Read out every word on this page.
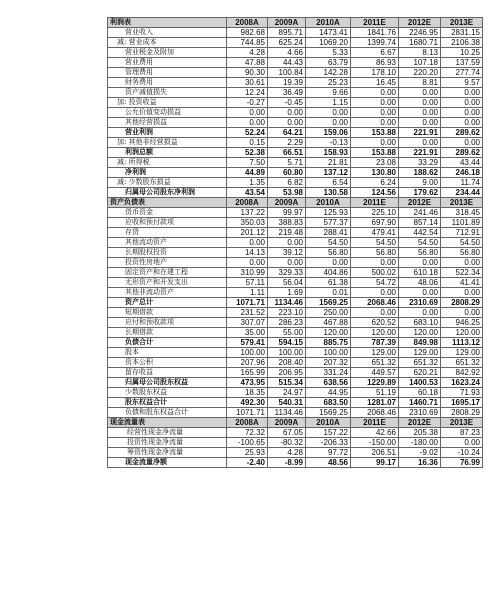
利润表	2008A	2009A	2010A	2011E	2012E	2013E
营业收入	982.68	895.71	1473.41	1841.76	2246.95	2831.15
减: 营业成本	744.85	625.24	1069.20	1399.74	1680.71	2106.38
营业税金及附加	4.28	4.66	5.33	6.67	8.13	10.25
营业费用	47.88	44.43	63.79	86.93	107.18	137.59
管理费用	90.30	100.84	142.28	178.10	220.20	277.74
财务费用	30.61	19.39	25.23	16.45	8.81	9.57
资产减值损失	12.24	36.49	9.66	0.00	0.00	0.00
加: 投资收益	-0.27	-0.45	1.15	0.00	0.00	0.00
公允价值变动损益	0.00	0.00	0.00	0.00	0.00	0.00
其他经营损益	0.00	0.00	0.00	0.00	0.00	0.00
营业利润	52.24	64.21	159.06	153.88	221.91	289.62
加: 其他非经营损益	0.15	2.29	-0.13	0.00	0.00	0.00
利润总额	52.38	66.51	158.93	153.88	221.91	289.62
减: 所得税	7.50	5.71	21.81	23.08	33.29	43.44
净利润	44.89	60.80	137.12	130.80	188.62	246.18
减: 少数股东损益	1.35	6.82	6.54	6.24	9.00	11.74
归属母公司股东净利润	43.54	53.98	130.58	124.56	179.62	234.44
资产负债表	2008A	2009A	2010A	2011E	2012E	2013E
货币资金	137.22	99.97	125.93	225.10	241.46	318.45
应收和预付款项	350.03	388.83	577.37	697.90	857.14	1101.89
存货	201.12	219.48	288.41	479.41	442.54	712.91
其他流动资产	0.00	0.00	54.50	54.50	54.50	54.50
长期股权投资	14.13	39.12	56.80	56.80	56.80	56.80
投资性房地产	0.00	0.00	0.00	0.00	0.00	0.00
固定资产和在建工程	310.99	329.33	404.86	500.02	610.18	522.34
无形资产和开发支出	57.11	56.04	61.38	54.72	48.06	41.41
其他非流动资产	1.11	1.69	0.01	0.00	0.00	0.00
资产总计	1071.71	1134.46	1569.25	2068.46	2310.69	2808.29
短期借款	231.52	223.10	250.00	0.00	0.00	0.00
应付和预收款项	307.07	286.23	467.88	620.52	683.10	946.25
长期借款	35.00	55.00	120.00	120.00	120.00	120.00
负债合计	579.41	594.15	885.75	787.39	849.98	1113.12
股本	100.00	100.00	100.00	129.00	129.00	129.00
资本公积	207.96	208.40	207.32	651.32	651.32	651.32
留存收益	165.99	206.95	331.24	449.57	620.21	842.92
归属母公司股东权益	473.95	515.34	638.56	1229.89	1400.53	1623.24
少数股东权益	18.35	24.97	44.95	51.19	60.18	71.93
股东权益合计	492.30	540.31	683.50	1281.07	1460.71	1695.17
负债和股东权益合计	1071.71	1134.46	1569.25	2068.46	2310.69	2808.29
现金流量表	2008A	2009A	2010A	2011E	2012E	2013E
经营性现金净流量	72.32	67.05	157.22	42.66	205.38	87.23
投资性现金净流量	-100.65	-80.32	-206.33	-150.00	-180.00	0.00
筹资性现金净流量	25.93	4.28	97.72	206.51	-9.02	-10.24
现金流量净额	-2.40	-8.99	48.56	99.17	16.36	76.99
